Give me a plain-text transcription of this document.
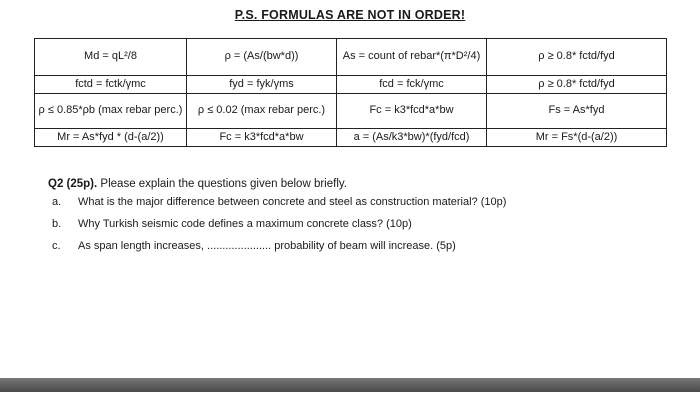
P.S. FORMULAS ARE NOT IN ORDER!
Md = qL²/8	ρ = (As/(bw*d))	As = count of rebar*(π*D²/4)	ρ ≥ 0.8* fctd/fyd
fctd = fctk/γmc	fyd = fyk/γms	fcd = fck/γmc	ρ ≥ 0.8* fctd/fyd
ρ ≤ 0.85*ρb (max rebar perc.)	ρ ≤ 0.02 (max rebar perc.)	Fc = k3*fcd*a*bw	Fs = As*fyd
Mr = As*fyd * (d-(a/2))	Fc = k3*fcd*a*bw	a = (As/k3*bw)*(fyd/fcd)	Mr = Fs*(d-(a/2))
Q2 (25p). Please explain the questions given below briefly.
a.	What is the major difference between concrete and steel as construction material? (10p)
b.	Why Turkish seismic code defines a maximum concrete class? (10p)
c.	As span length increases, ..................... probability of beam will increase. (5p)
